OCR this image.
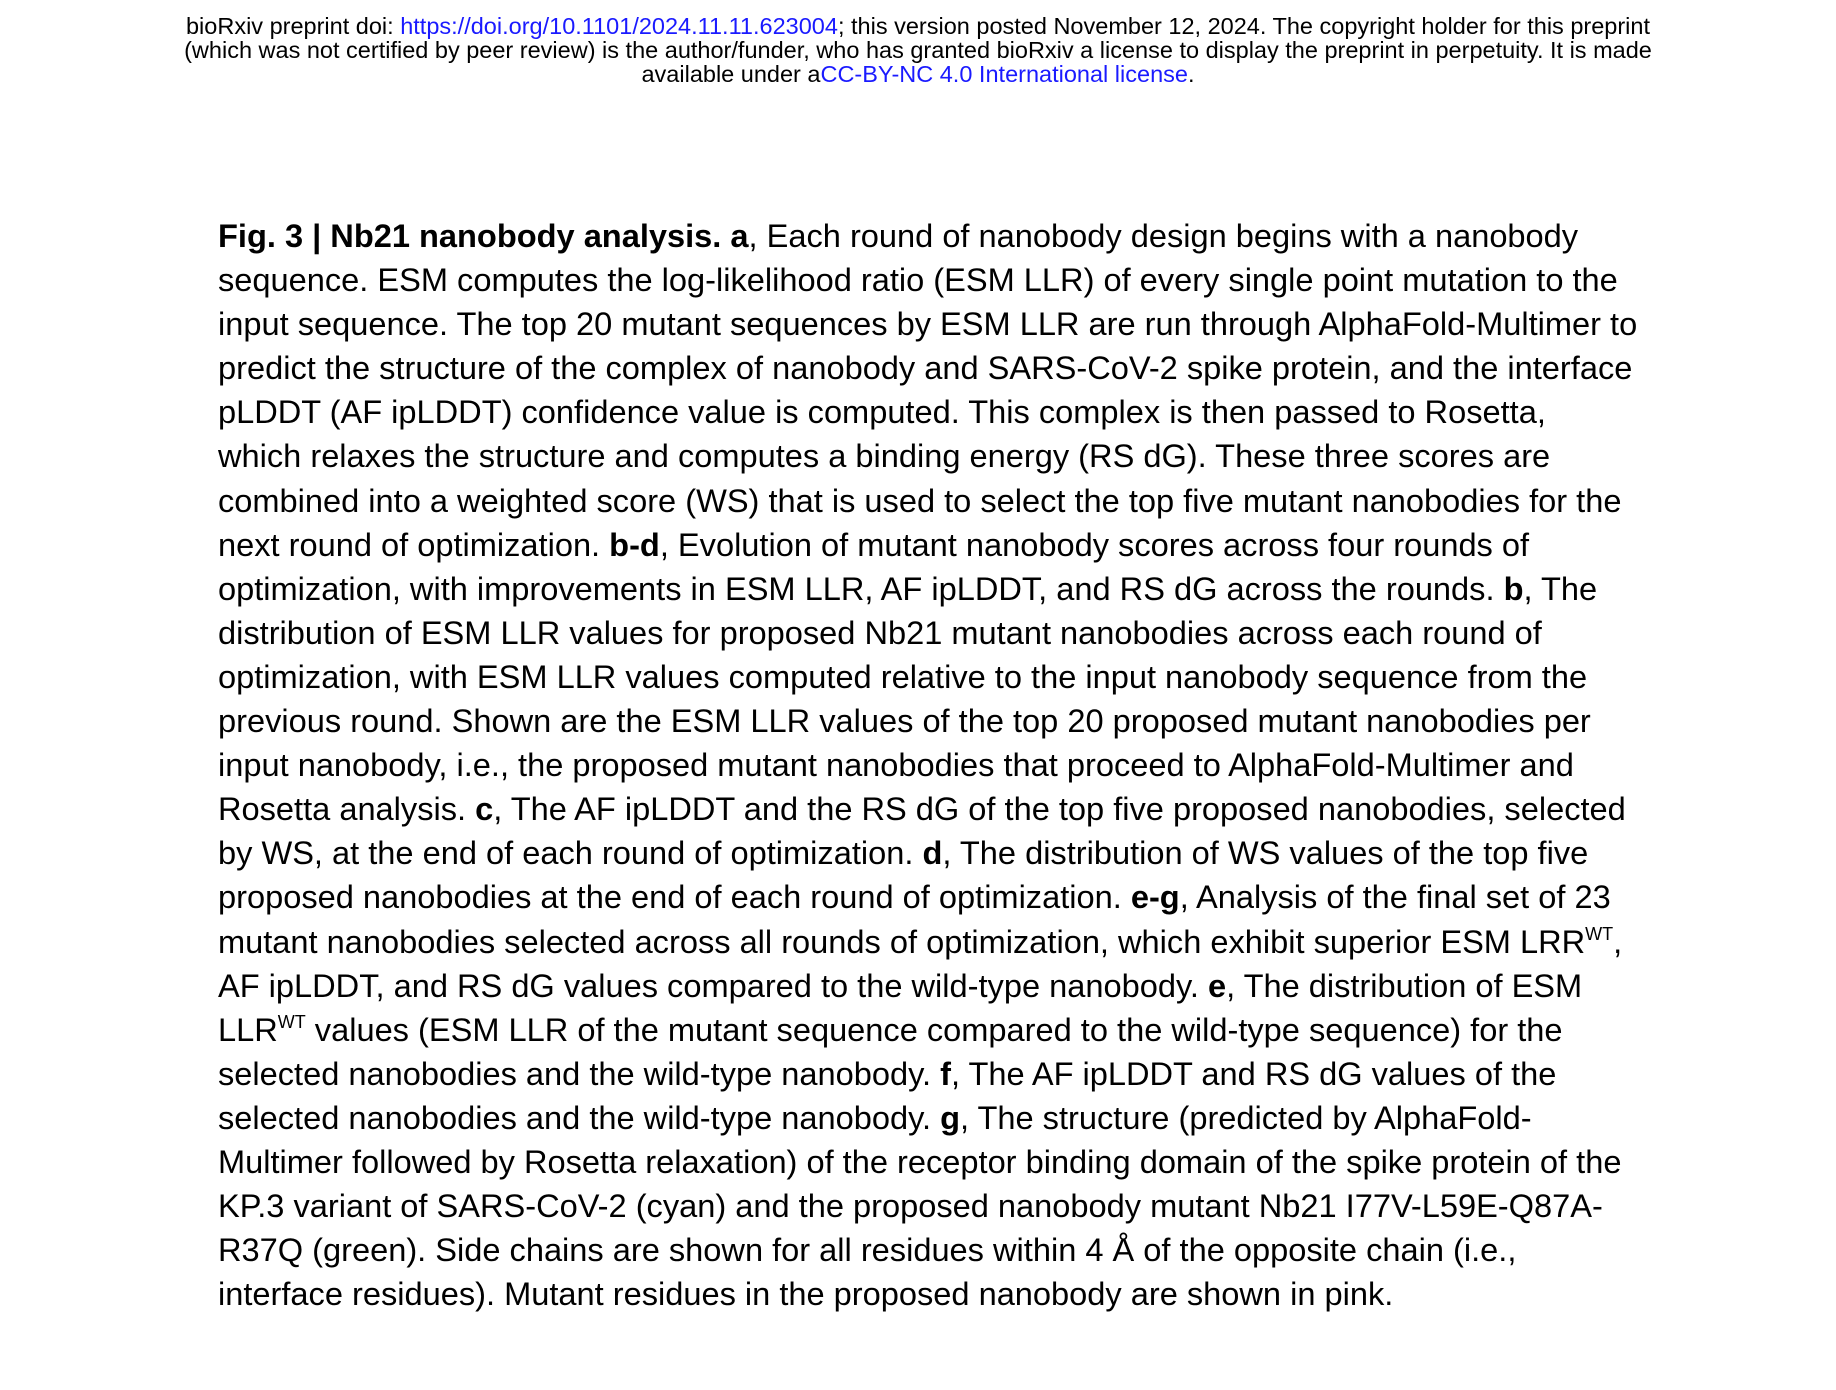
bioRxiv preprint doi: https://doi.org/10.1101/2024.11.11.623004; this version posted November 12, 2024. The copyright holder for this preprint
(which was not certified by peer review) is the author/funder, who has granted bioRxiv a license to display the preprint in perpetuity. It is made
available under aCC-BY-NC 4.0 International license.
Fig. 3 | Nb21 nanobody analysis. a, Each round of nanobody design begins with a nanobody sequence. ESM computes the log-likelihood ratio (ESM LLR) of every single point mutation to the input sequence. The top 20 mutant sequences by ESM LLR are run through AlphaFold-Multimer to predict the structure of the complex of nanobody and SARS-CoV-2 spike protein, and the interface pLDDT (AF ipLDDT) confidence value is computed. This complex is then passed to Rosetta, which relaxes the structure and computes a binding energy (RS dG). These three scores are combined into a weighted score (WS) that is used to select the top five mutant nanobodies for the next round of optimization. b-d, Evolution of mutant nanobody scores across four rounds of optimization, with improvements in ESM LLR, AF ipLDDT, and RS dG across the rounds. b, The distribution of ESM LLR values for proposed Nb21 mutant nanobodies across each round of optimization, with ESM LLR values computed relative to the input nanobody sequence from the previous round. Shown are the ESM LLR values of the top 20 proposed mutant nanobodies per input nanobody, i.e., the proposed mutant nanobodies that proceed to AlphaFold-Multimer and Rosetta analysis. c, The AF ipLDDT and the RS dG of the top five proposed nanobodies, selected by WS, at the end of each round of optimization. d, The distribution of WS values of the top five proposed nanobodies at the end of each round of optimization. e-g, Analysis of the final set of 23 mutant nanobodies selected across all rounds of optimization, which exhibit superior ESM $LRR^{WT}$, AF ipLDDT, and RS dG values compared to the wild-type nanobody. e, The distribution of ESM $LLR^{WT}$ values (ESM LLR of the mutant sequence compared to the wild-type sequence) for the selected nanobodies and the wild-type nanobody. f, The AF ipLDDT and RS dG values of the selected nanobodies and the wild-type nanobody. g, The structure (predicted by AlphaFold-Multimer followed by Rosetta relaxation) of the receptor binding domain of the spike protein of the KP.3 variant of SARS-CoV-2 (cyan) and the proposed nanobody mutant Nb21 I77V-L59E-Q87A-R37Q (green). Side chains are shown for all residues within 4 Å of the opposite chain (i.e., interface residues). Mutant residues in the proposed nanobody are shown in pink.
